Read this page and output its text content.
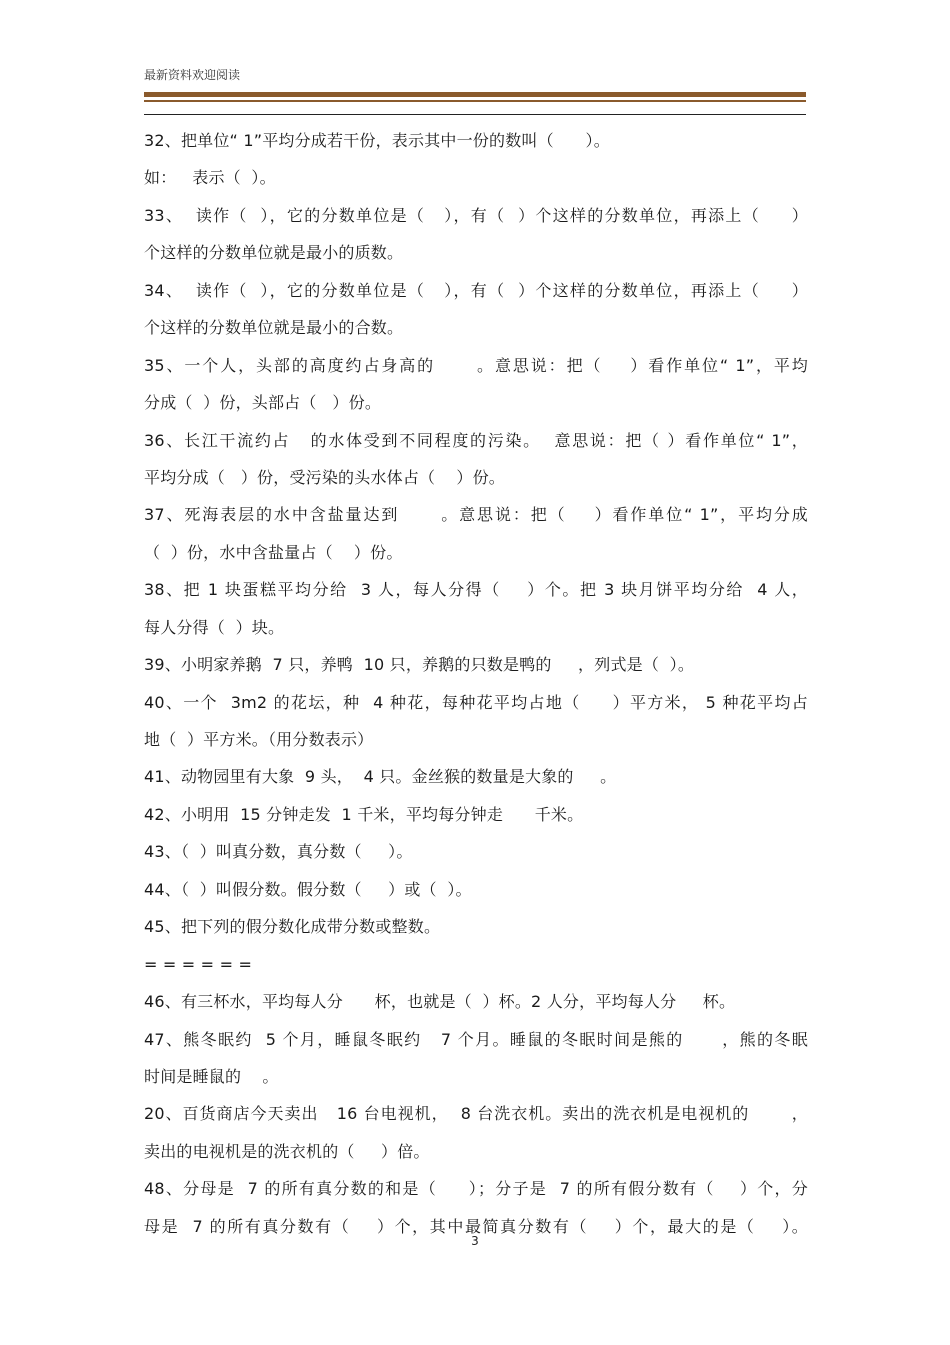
最新资料欢迎阅读
32、把单位“ 1”平均分成若干份，表示其中一份的数叫（      ）。
如：   表示（  ）。
33、  读作（  ），它的分数单位是（   ），有（  ）个这样的分数单位，再添上（     ）
个这样的分数单位就是最小的质数。
34、  读作（  ），它的分数单位是（   ），有（  ）个这样的分数单位，再添上（     ）
个这样的分数单位就是最小的合数。
35、一个人，头部的高度约占身高的      。意思说：把（    ）看作单位“ 1”，平均
分成（  ）份，头部占（   ）份。
36、长江干流约占   的水体受到不同程度的污染。  意思说：把（ ）看作单位“ 1”，
平均分成（   ）份，受污染的头水体占（    ）份。
37、死海表层的水中含盐量达到      。意思说：把（    ）看作单位“ 1”，平均分成
（  ）份，水中含盐量占（    ）份。
38、把 1 块蛋糕平均分给  3 人，每人分得（    ）个。把 3 块月饼平均分给  4 人，
每人分得（  ）块。
39、小明家养鹅  7 只，养鸭  10 只，养鹅的只数是鸭的     ，列式是（  ）。
40、一个  3m2 的花坛，种  4 种花，每种花平均占地（     ）平方米， 5 种花平均占
地（  ）平方米。（用分数表示）
41、动物园里有大象  9 头，  4 只。金丝猴的数量是大象的     。
42、小明用  15 分钟走发  1 千米，平均每分钟走      千米。
43、（  ）叫真分数，真分数（     ）。
44、（  ）叫假分数。假分数（     ）或（  ）。
45、把下列的假分数化成带分数或整数。
= = = = = =
46、有三杯水，平均每人分      杯，也就是（  ）杯。2 人分，平均每人分     杯。
47、熊冬眠约  5 个月，睡鼠冬眠约   7 个月。睡鼠的冬眠时间是熊的      ，熊的冬眠
时间是睡鼠的    。
20、百货商店今天卖出   16 台电视机，  8 台洗衣机。卖出的洗衣机是电视机的       ，
卖出的电视机是的洗衣机的（     ）倍。
48、分母是  7 的所有真分数的和是（     ）；分子是  7 的所有假分数有（    ）个，分
母是  7 的所有真分数有（    ）个，其中最简真分数有（    ）个，最大的是（    ）。
3
